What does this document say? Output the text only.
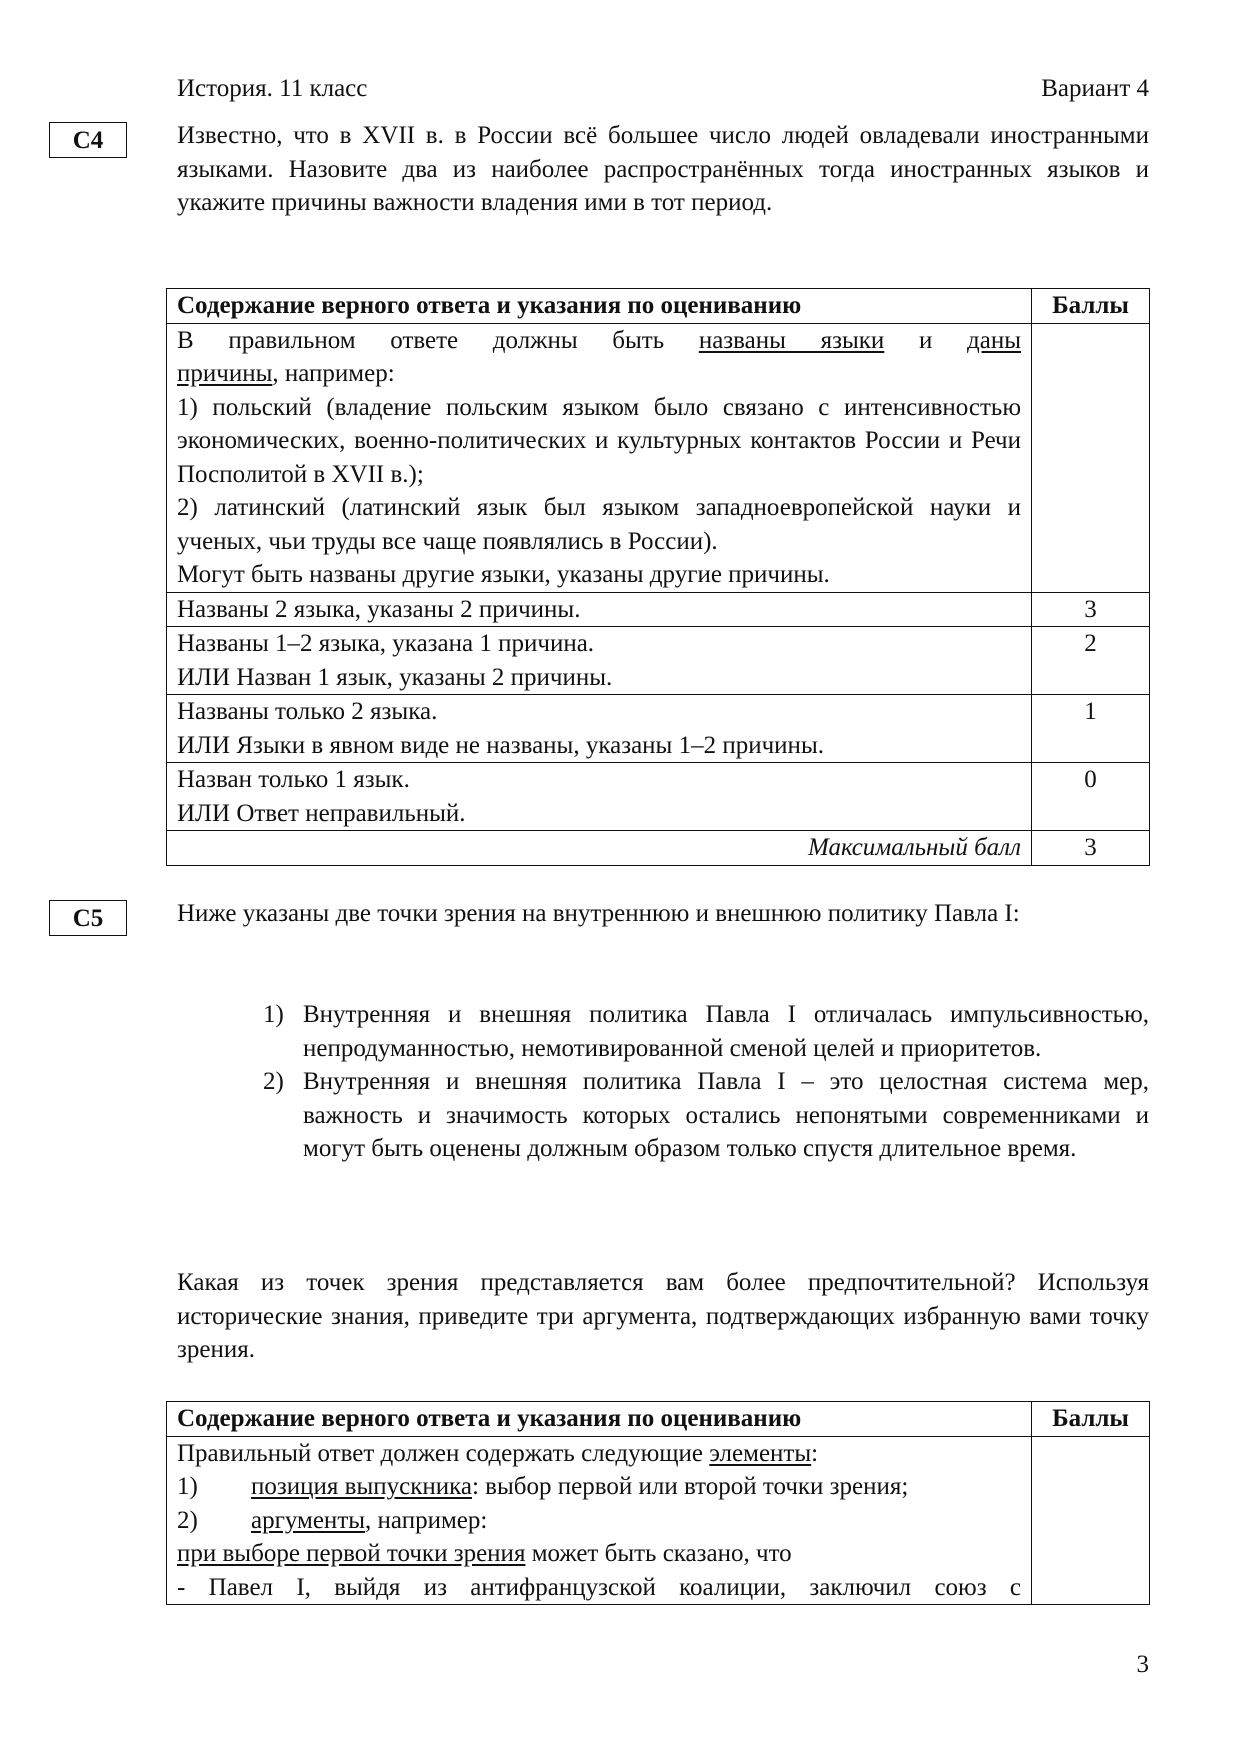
История. 11 класс	Вариант 4
С4	Известно, что в XVII в. в России всё большее число людей овладевали иностранными языками. Назовите два из наиболее распространённых тогда иностранных языков и укажите причины важности владения ими в тот период.
Содержание верного ответа и указания по оцениванию	Баллы

В правильном ответе должны быть названы языки и даны
причины, например:
1) польский (владение польским языком было связано с интенсивностью экономических, военно-политических и культурных контактов России и Речи Посполитой в XVII в.);
2) латинский (латинский язык был языком западноевропейской науки и ученых, чьи труды все чаще появлялись в России).
Могут быть названы другие языки, указаны другие причины.	

Названы 2 языка, указаны 2 причины.	3

Названы 1–2 языка, указана 1 причина.
ИЛИ Назван 1 язык, указаны 2 причины.	2

Названы только 2 языка.
ИЛИ Языки в явном виде не названы, указаны 1–2 причины.	1

Назван только 1 язык.
ИЛИ Ответ неправильный.	0
Максимальный балл	3
С5	Ниже указаны две точки зрения на внутреннюю и внешнюю политику Павла I:
1) Внутренняя и внешняя политика Павла I отличалась импульсивностью, непродуманностью, немотивированной сменой целей и приоритетов.
2) Внутренняя и внешняя политика Павла I – это целостная система мер, важность и значимость которых остались непонятыми современниками и могут быть оценены должным образом только спустя длительное время.
Какая из точек зрения представляется вам более предпочтительной? Используя исторические знания, приведите три аргумента, подтверждающих избранную вами точку зрения.
Содержание верного ответа и указания по оцениванию	Баллы

Правильный ответ должен содержать следующие элементы:
1) позиция выпускника: выбор первой или второй точки зрения;
2) аргументы, например:
при выборе первой точки зрения может быть сказано, что
- Павел I, выйдя из антифранцузской коалиции, заключил союз с	

3
